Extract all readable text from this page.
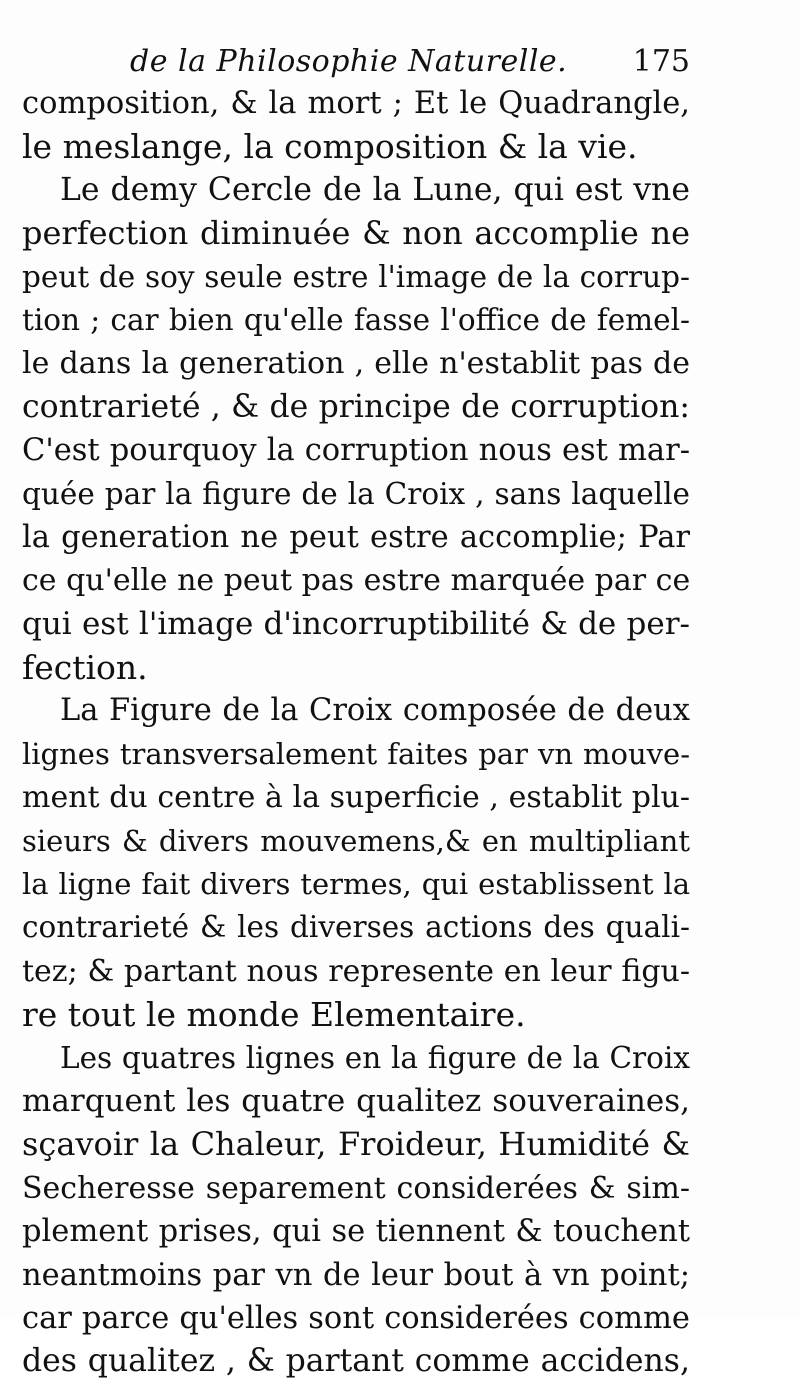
de la Philosophie Naturelle. 175
composition, & la mort ; Et le Quadrangle,
le meslange, la composition & la vie.
Le demy Cercle de la Lune, qui est vne
perfection diminuée & non accomplie ne
peut de soy seule estre l'image de la corrup-
tion ; car bien qu'elle fasse l'office de femel-
le dans la generation , elle n'establit pas de
contrarieté , & de principe de corruption:
C'est pourquoy la corruption nous est mar-
quée par la figure de la Croix , sans laquelle
la generation ne peut estre accomplie; Par
ce qu'elle ne peut pas estre marquée par ce
qui est l'image d'incorruptibilité & de per-
fection.
La Figure de la Croix composée de deux
lignes transversalement faites par vn mouve-
ment du centre à la superficie , establit plu-
sieurs & divers mouvemens,& en multipliant
la ligne fait divers termes, qui establissent la
contrarieté & les diverses actions des quali-
tez; & partant nous represente en leur figu-
re tout le monde Elementaire.
Les quatres lignes en la figure de la Croix
marquent les quatre qualitez souveraines,
sçavoir la Chaleur, Froideur, Humidité &
Secheresse separement considerées & sim-
plement prises, qui se tiennent & touchent
neantmoins par vn de leur bout à vn point;
car parce qu'elles sont considerées comme
des qualitez , & partant comme accidens,
